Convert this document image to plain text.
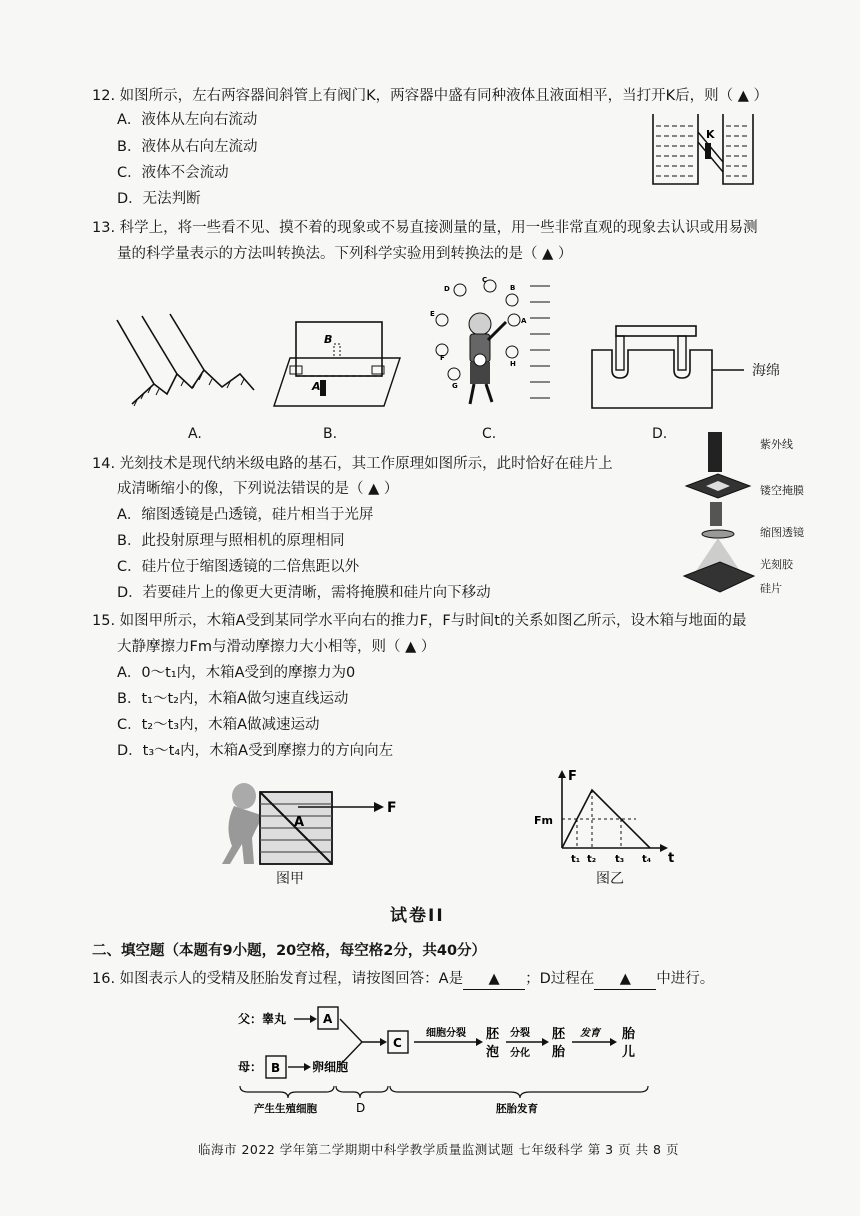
12. 如图所示，左右两容器间斜管上有阀门K，两容器中盛有同种液体且液面相平，当打开K后，则（ ▲ ）
A．液体从左向右流动
B．液体从右向左流动
C．液体不会流动
D．无法判断
K
13. 科学上，将一些看不见、摸不着的现象或不易直接测量的量，用一些非常直观的现象去认识或用易测
量的科学量表示的方法叫转换法。下列科学实验用到转换法的是（ ▲ ）
A.
B
A
B.
C
D	B
E
A
F
G
H
C.
海绵
D.
14. 光刻技术是现代纳米级电路的基石，其工作原理如图所示，此时恰好在硅片上
成清晰缩小的像，下列说法错误的是（ ▲ ）
A．缩图透镜是凸透镜，硅片相当于光屏
B．此投射原理与照相机的原理相同
C．硅片位于缩图透镜的二倍焦距以外
D．若要硅片上的像更大更清晰，需将掩膜和硅片向下移动
紫外线
镂空掩膜
缩图透镜
光刻胶
硅片
15. 如图甲所示，木箱A受到某同学水平向右的推力F，F与时间t的关系如图乙所示，设木箱与地面的最
大静摩擦力Fm与滑动摩擦力大小相等，则（ ▲ ）
A．0～t₁内，木箱A受到的摩擦力为0
B．t₁～t₂内，木箱A做匀速直线运动
C．t₂～t₃内，木箱A做减速运动
D．t₃～t₄内，木箱A受到摩擦力的方向向左
A
F
图甲
F
Fm
t
t₁ t₂ t₃ t₄
图乙
试卷II
二、填空题（本题有9小题，20空格，每空格2分，共40分）
16. 如图表示人的受精及胚胎发育过程，请按图回答：A是 ▲ ；D过程在 ▲ 中进行。
父：睾丸
母：
A
B	卵细胞
C
细胞分裂 胚
泡
分裂
分化
胚
胎
发育 胎
儿
产生生殖细胞	D	胚胎发育
临海市 2022 学年第二学期期中科学教学质量监测试题 七年级科学 第 3 页 共 8 页
